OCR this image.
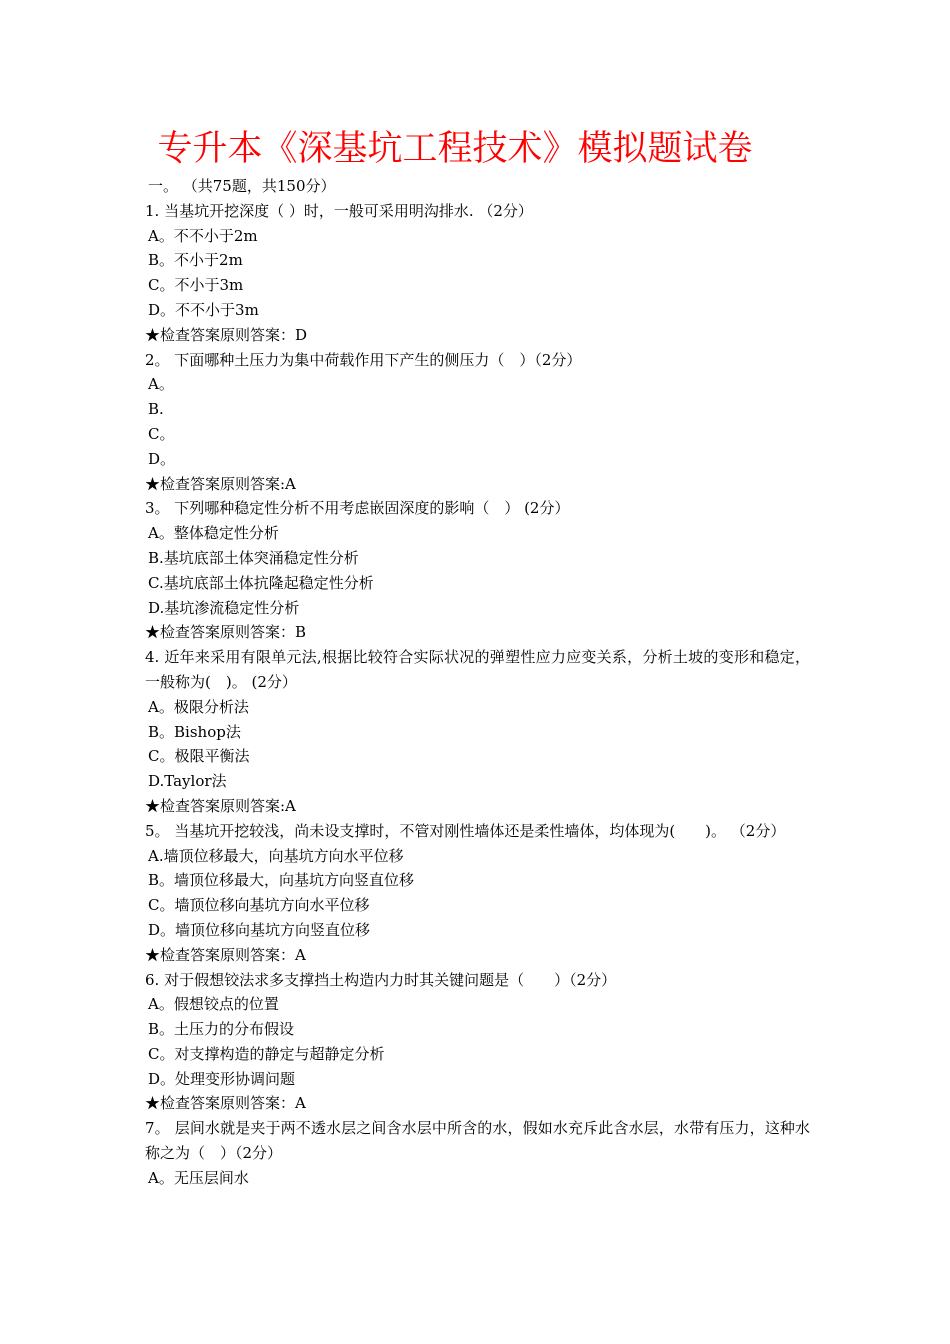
专升本《深基坑工程技术》模拟题试卷
一。 （共75题，共150分）
1. 当基坑开挖深度（ ）时，一般可采用明沟排水. （2分）
A。不不小于2m
B。不小于2m
C。不小于3m
D。不不小于3m
★检查答案原则答案：D
2。 下面哪种土压力为集中荷载作用下产生的侧压力（　）（2分）
A。
B.
C。
D。
★检查答案原则答案:A
3。 下列哪种稳定性分析不用考虑嵌固深度的影响（　） (2分）
A。整体稳定性分析
B.基坑底部土体突涌稳定性分析
C.基坑底部土体抗隆起稳定性分析
D.基坑渗流稳定性分析
★检查答案原则答案：B
4. 近年来采用有限单元法,根据比较符合实际状况的弹塑性应力应变关系，分析土坡的变形和稳定，一般称为(　)。 (2分）
A。极限分析法
B。Bishop法
C。极限平衡法
D.Taylor法
★检查答案原则答案:A
5。 当基坑开挖较浅，尚未设支撑时，不管对刚性墙体还是柔性墙体，均体现为(　　)。 （2分）
A.墙顶位移最大，向基坑方向水平位移
B。墙顶位移最大，向基坑方向竖直位移
C。墙顶位移向基坑方向水平位移
D。墙顶位移向基坑方向竖直位移
★检查答案原则答案：A
6. 对于假想铰法求多支撑挡土构造内力时其关键问题是（　　）（2分）
A。假想铰点的位置
B。土压力的分布假设
C。对支撑构造的静定与超静定分析
D。处理变形协调问题
★检查答案原则答案：A
7。 层间水就是夹于两不透水层之间含水层中所含的水，假如水充斥此含水层，水带有压力，这种水称之为（　）（2分）
A。无压层间水
